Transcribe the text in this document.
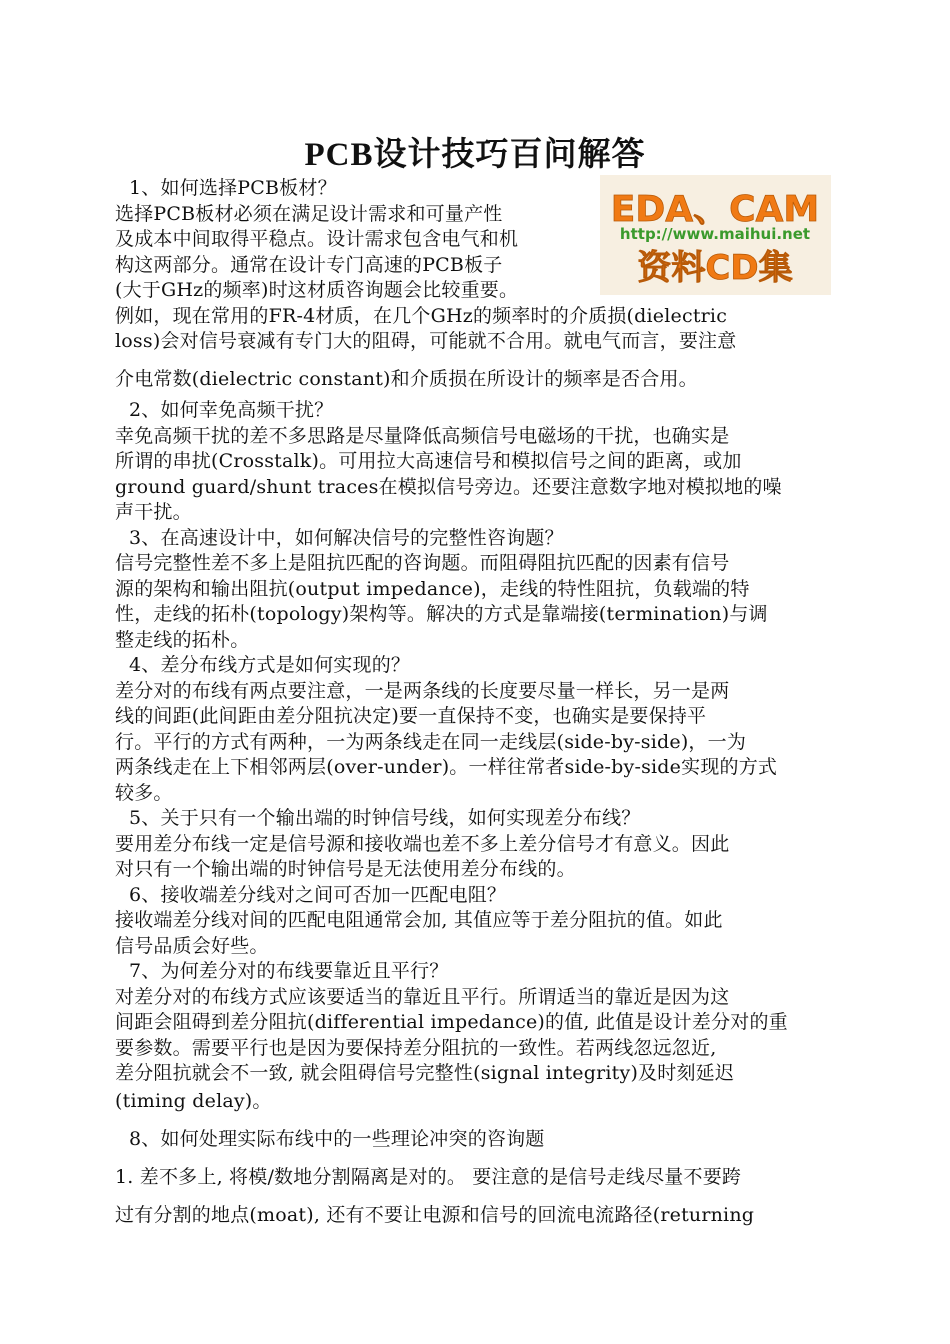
PCB设计技巧百问解答
EDA、CAM
http://www.maihui.net
资料CD集
1、如何选择PCB板材？
选择PCB板材必须在满足设计需求和可量产性
及成本中间取得平稳点。设计需求包含电气和机
构这两部分。通常在设计专门高速的PCB板子
(大于GHz的频率)时这材质咨询题会比较重要。
例如，现在常用的FR-4材质，在几个GHz的频率时的介质损(dielectric
loss)会对信号衰减有专门大的阻碍，可能就不合用。就电气而言，要注意
介电常数(dielectric constant)和介质损在所设计的频率是否合用。
2、如何幸免高频干扰？
幸免高频干扰的差不多思路是尽量降低高频信号电磁场的干扰，也确实是
所谓的串扰(Crosstalk)。可用拉大高速信号和模拟信号之间的距离，或加
ground guard/shunt traces在模拟信号旁边。还要注意数字地对模拟地的噪
声干扰。
3、在高速设计中，如何解决信号的完整性咨询题？
信号完整性差不多上是阻抗匹配的咨询题。而阻碍阻抗匹配的因素有信号
源的架构和输出阻抗(output impedance)，走线的特性阻抗，负载端的特
性，走线的拓朴(topology)架构等。解决的方式是靠端接(termination)与调
整走线的拓朴。
4、差分布线方式是如何实现的？
差分对的布线有两点要注意，一是两条线的长度要尽量一样长，另一是两
线的间距(此间距由差分阻抗决定)要一直保持不变，也确实是要保持平
行。平行的方式有两种，一为两条线走在同一走线层(side-by-side)，一为
两条线走在上下相邻两层(over-under)。一样往常者side-by-side实现的方式
较多。
5、关于只有一个输出端的时钟信号线，如何实现差分布线？
要用差分布线一定是信号源和接收端也差不多上差分信号才有意义。因此
对只有一个输出端的时钟信号是无法使用差分布线的。
6、接收端差分线对之间可否加一匹配电阻？
接收端差分线对间的匹配电阻通常会加, 其值应等于差分阻抗的值。如此
信号品质会好些。
7、为何差分对的布线要靠近且平行？
对差分对的布线方式应该要适当的靠近且平行。所谓适当的靠近是因为这
间距会阻碍到差分阻抗(differential impedance)的值, 此值是设计差分对的重
要参数。需要平行也是因为要保持差分阻抗的一致性。若两线忽远忽近,
差分阻抗就会不一致, 就会阻碍信号完整性(signal integrity)及时刻延迟
(timing delay)。
8、如何处理实际布线中的一些理论冲突的咨询题
1. 差不多上, 将模/数地分割隔离是对的。 要注意的是信号走线尽量不要跨
过有分割的地点(moat), 还有不要让电源和信号的回流电流路径(returning
